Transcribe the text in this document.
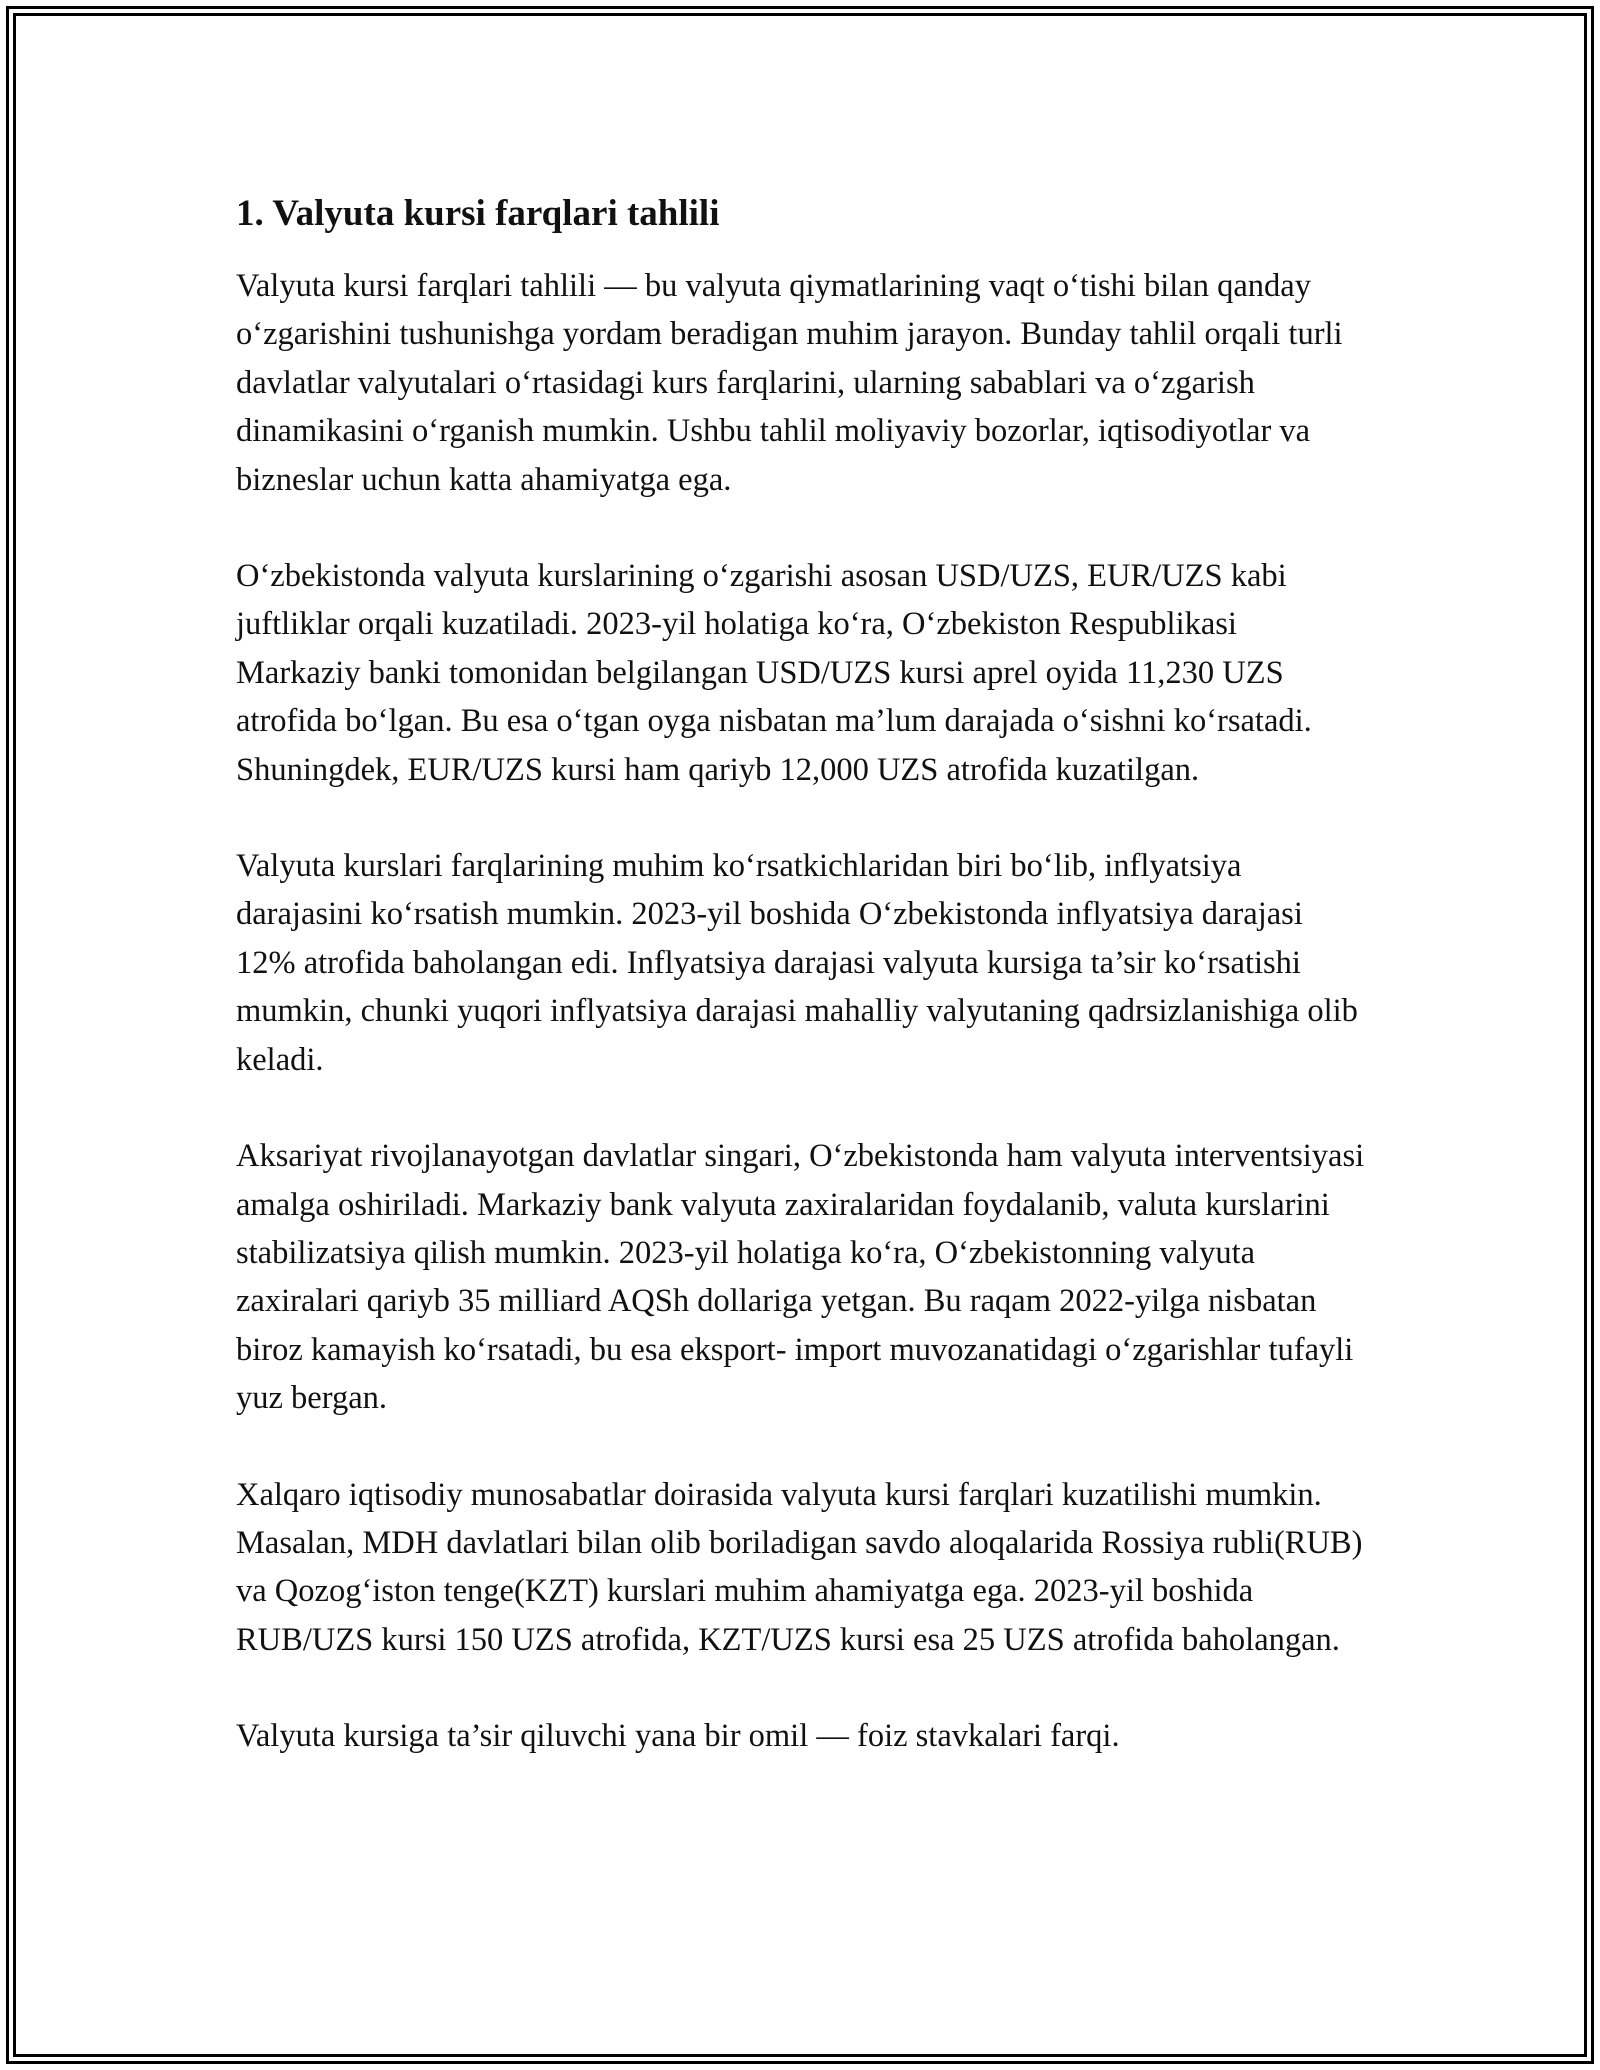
1. Valyuta kursi farqlari tahlili

Valyuta kursi farqlari tahlili — bu valyuta qiymatlarining vaqt o‘tishi bilan qanday o‘zgarishini tushunishga yordam beradigan muhim jarayon. Bunday tahlil orqali turli davlatlar valyutalari o‘rtasidagi kurs farqlarini, ularning sabablari va o‘zgarish dinamikasini o‘rganish mumkin. Ushbu tahlil moliyaviy bozorlar, iqtisodiyotlar va bizneslar uchun katta ahamiyatga ega.

O‘zbekistonda valyuta kurslarining o‘zgarishi asosan USD/UZS, EUR/UZS kabi juftliklar orqali kuzatiladi. 2023-yil holatiga ko‘ra, O‘zbekiston Respublikasi Markaziy banki tomonidan belgilangan USD/UZS kursi aprel oyida 11,230 UZS atrofida bo‘lgan. Bu esa o‘tgan oyga nisbatan ma’lum darajada o‘sishni ko‘rsatadi. Shuningdek, EUR/UZS kursi ham qariyb 12,000 UZS atrofida kuzatilgan.

Valyuta kurslari farqlarining muhim ko‘rsatkichlaridan biri bo‘lib, inflyatsiya darajasini ko‘rsatish mumkin. 2023-yil boshida O‘zbekistonda inflyatsiya darajasi 12% atrofida baholangan edi. Inflyatsiya darajasi valyuta kursiga ta’sir ko‘rsatishi mumkin, chunki yuqori inflyatsiya darajasi mahalliy valyutaning qadrsizlanishiga olib keladi.

Aksariyat rivojlanayotgan davlatlar singari, O‘zbekistonda ham valyuta interventsiyasi amalga oshiriladi. Markaziy bank valyuta zaxiralaridan foydalanib, valuta kurslarini stabilizatsiya qilish mumkin. 2023-yil holatiga ko‘ra, O‘zbekistonning valyuta zaxiralari qariyb 35 milliard AQSh dollariga yetgan. Bu raqam 2022-yilga nisbatan biroz kamayish ko‘rsatadi, bu esa eksport- import muvozanatidagi o‘zgarishlar tufayli yuz bergan.

Xalqaro iqtisodiy munosabatlar doirasida valyuta kursi farqlari kuzatilishi mumkin. Masalan, MDH davlatlari bilan olib boriladigan savdo aloqalarida Rossiya rubli(RUB) va Qozog‘iston tenge(KZT) kurslari muhim ahamiyatga ega. 2023-yil boshida RUB/UZS kursi 150 UZS atrofida, KZT/UZS kursi esa 25 UZS atrofida baholangan.

Valyuta kursiga ta’sir qiluvchi yana bir omil — foiz stavkalari farqi.
